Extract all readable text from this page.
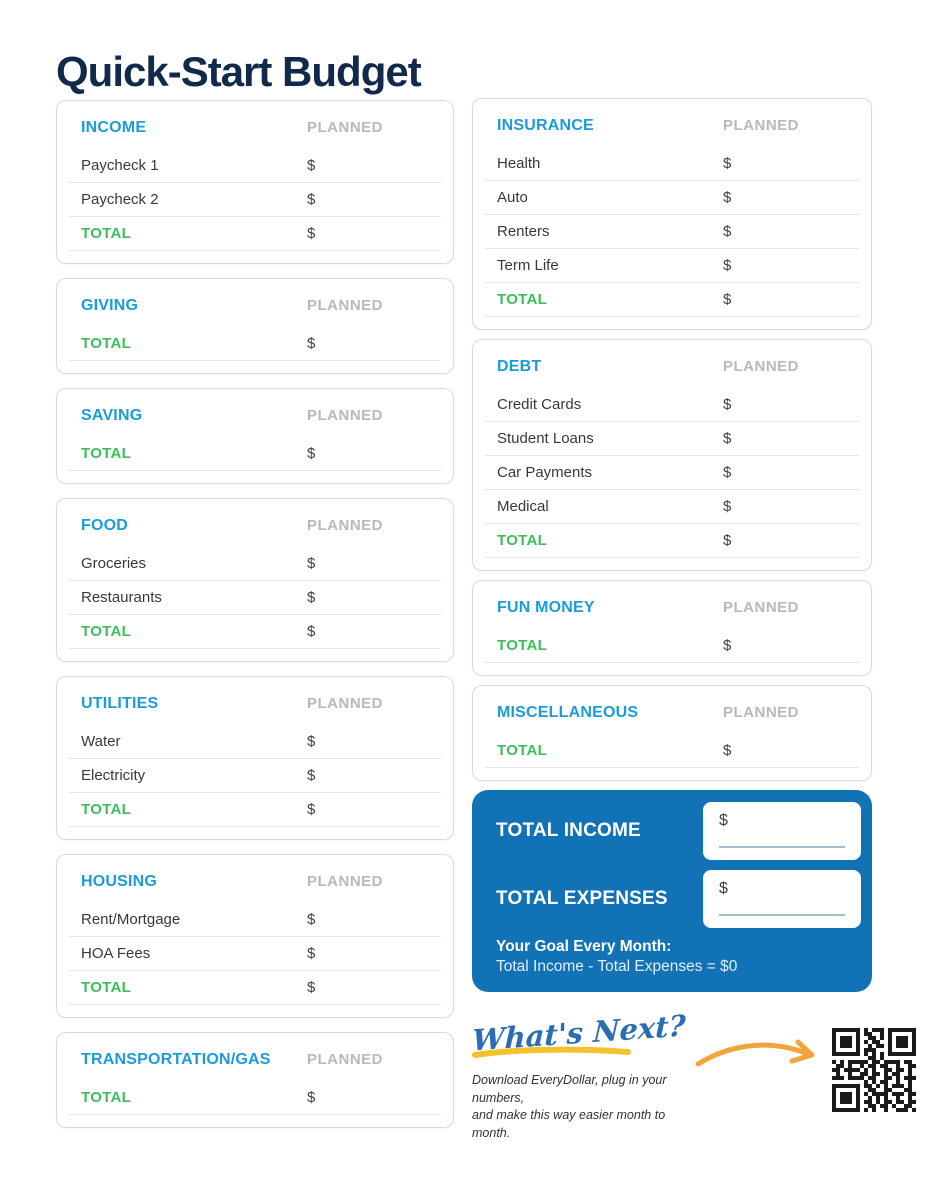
Quick-Start Budget
INCOME	PLANNED
Paycheck 1	$
Paycheck 2	$
TOTAL	$
GIVING	PLANNED
TOTAL	$
SAVING	PLANNED
TOTAL	$
FOOD	PLANNED
Groceries	$
Restaurants	$
TOTAL	$
UTILITIES	PLANNED
Water	$
Electricity	$
TOTAL	$
HOUSING	PLANNED
Rent/Mortgage	$
HOA Fees	$
TOTAL	$
TRANSPORTATION/GAS	PLANNED
TOTAL	$
INSURANCE	PLANNED
Health	$
Auto	$
Renters	$
Term Life	$
TOTAL	$
DEBT	PLANNED
Credit Cards	$
Student Loans	$
Car Payments	$
Medical	$
TOTAL	$
FUN MONEY	PLANNED
TOTAL	$
MISCELLANEOUS	PLANNED
TOTAL	$
TOTAL INCOME	$
TOTAL EXPENSES	$
Your Goal Every Month:
Total Income - Total Expenses = $0
What's Next?
Download EveryDollar, plug in your numbers,
and make this way easier month to month.
